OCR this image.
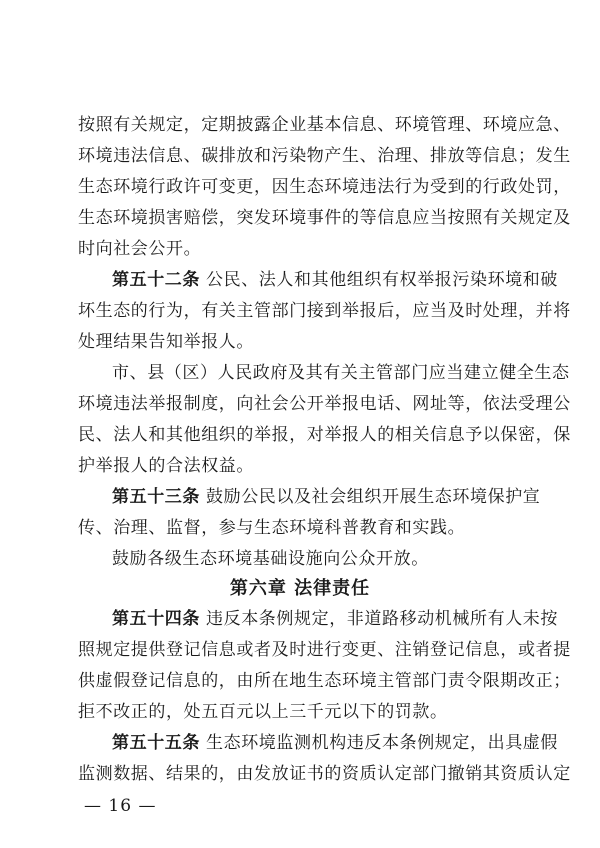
按照有关规定，定期披露企业基本信息、环境管理、环境应急、
环境违法信息、碳排放和污染物产生、治理、排放等信息；发生
生态环境行政许可变更，因生态环境违法行为受到的行政处罚，
生态环境损害赔偿，突发环境事件的等信息应当按照有关规定及
时向社会公开。
第五十二条 公民、法人和其他组织有权举报污染环境和破
坏生态的行为，有关主管部门接到举报后，应当及时处理，并将
处理结果告知举报人。
市、县（区）人民政府及其有关主管部门应当建立健全生态
环境违法举报制度，向社会公开举报电话、网址等，依法受理公
民、法人和其他组织的举报，对举报人的相关信息予以保密，保
护举报人的合法权益。
第五十三条 鼓励公民以及社会组织开展生态环境保护宣
传、治理、监督，参与生态环境科普教育和实践。
鼓励各级生态环境基础设施向公众开放。
第六章 法律责任
第五十四条 违反本条例规定，非道路移动机械所有人未按
照规定提供登记信息或者及时进行变更、注销登记信息，或者提
供虚假登记信息的，由所在地生态环境主管部门责令限期改正；
拒不改正的，处五百元以上三千元以下的罚款。
第五十五条 生态环境监测机构违反本条例规定，出具虚假
监测数据、结果的，由发放证书的资质认定部门撤销其资质认定
— 16 —
